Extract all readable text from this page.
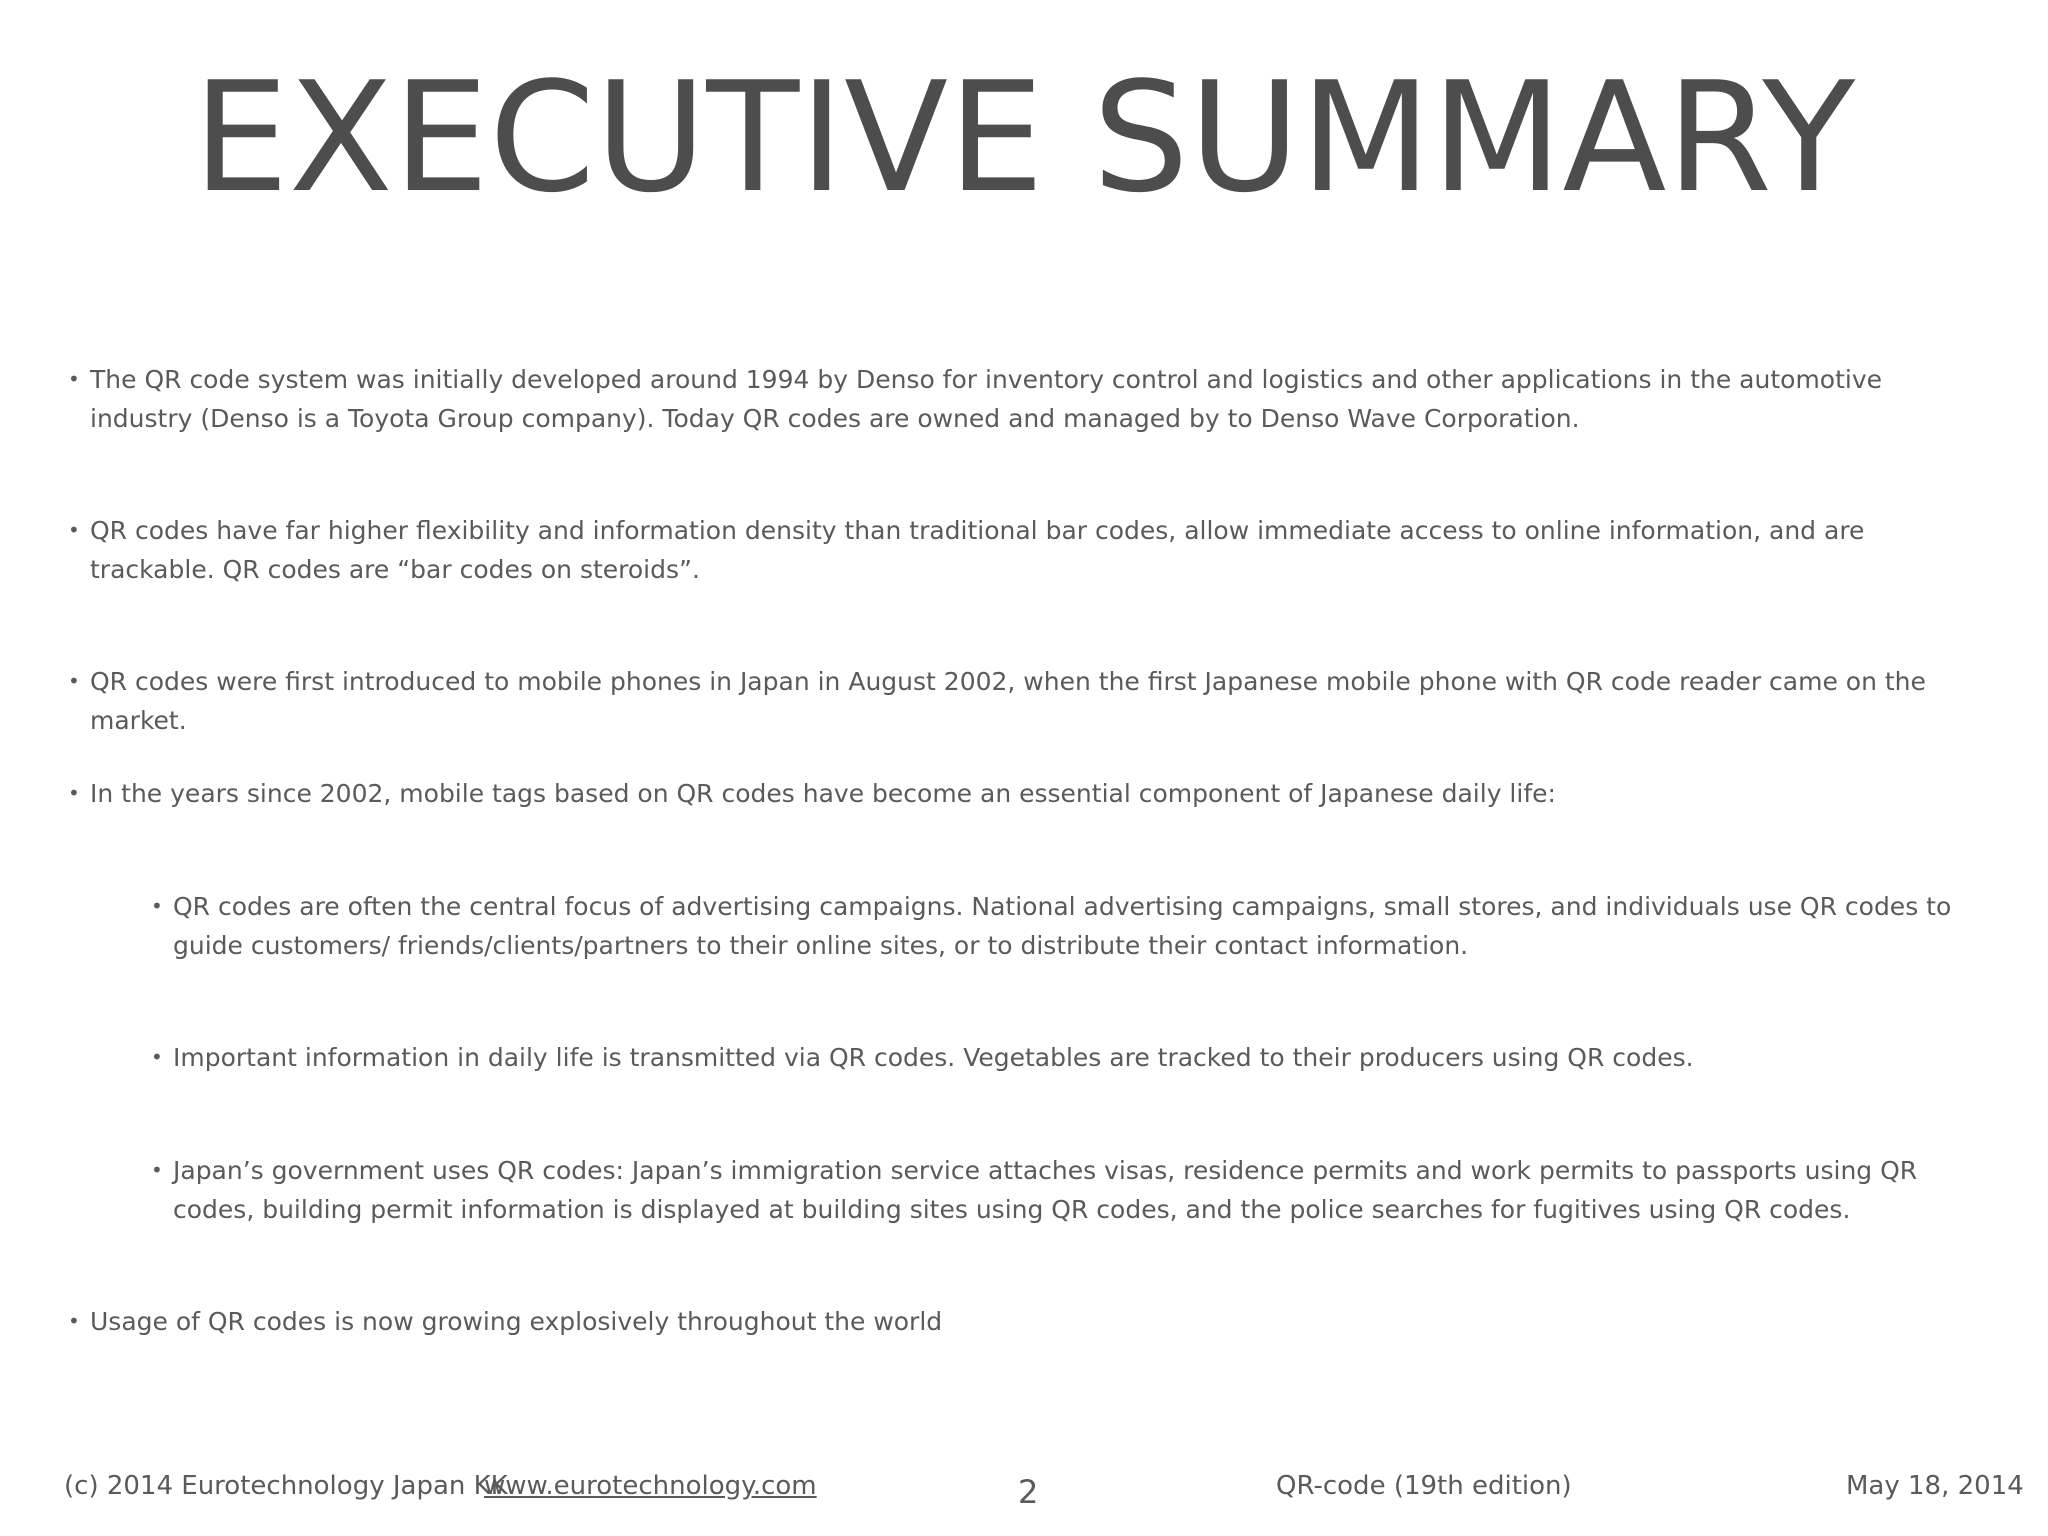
EXECUTIVE SUMMARY
• The QR code system was initially developed around 1994 by Denso for inventory control and logistics and other applications in the automotive industry (Denso is a Toyota Group company). Today QR codes are owned and managed by to Denso Wave Corporation.
• QR codes have far higher flexibility and information density than traditional bar codes, allow immediate access to online information, and are trackable. QR codes are “bar codes on steroids”.
• QR codes were first introduced to mobile phones in Japan in August 2002, when the first Japanese mobile phone with QR code reader came on the market.
• In the years since 2002, mobile tags based on QR codes have become an essential component of Japanese daily life:
• QR codes are often the central focus of advertising campaigns. National advertising campaigns, small stores, and individuals use QR codes to guide customers/ friends/clients/partners to their online sites, or to distribute their contact information.
• Important information in daily life is transmitted via QR codes. Vegetables are tracked to their producers using QR codes.
• Japan’s government uses QR codes: Japan’s immigration service attaches visas, residence permits and work permits to passports using QR codes, building permit information is displayed at building sites using QR codes, and the police searches for fugitives using QR codes.
• Usage of QR codes is now growing explosively throughout the world
(c) 2014 Eurotechnology Japan KK
www.eurotechnology.com	2	QR-code (19th edition)	May 18, 2014
